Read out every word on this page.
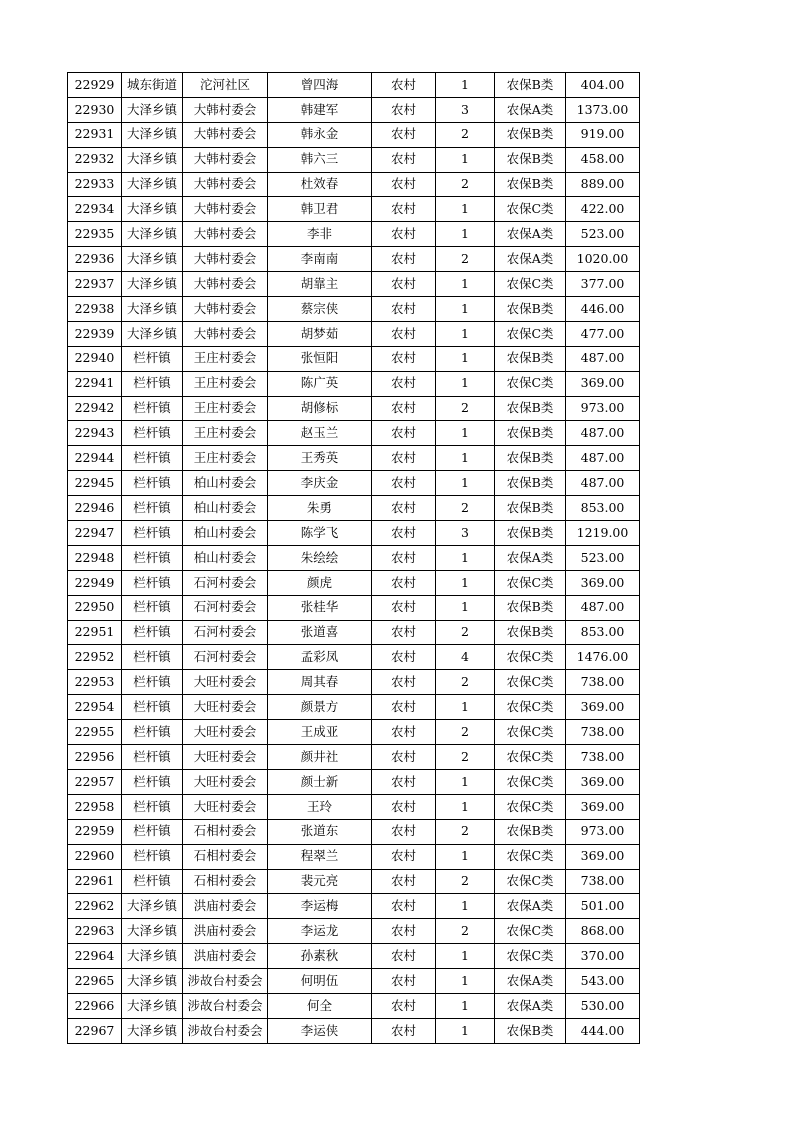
22929	城东街道	沱河社区	曾四海	农村	1	农保B类	404.00
22930	大泽乡镇	大韩村委会	韩建军	农村	3	农保A类	1373.00
22931	大泽乡镇	大韩村委会	韩永金	农村	2	农保B类	919.00
22932	大泽乡镇	大韩村委会	韩六三	农村	1	农保B类	458.00
22933	大泽乡镇	大韩村委会	杜效春	农村	2	农保B类	889.00
22934	大泽乡镇	大韩村委会	韩卫君	农村	1	农保C类	422.00
22935	大泽乡镇	大韩村委会	李非	农村	1	农保A类	523.00
22936	大泽乡镇	大韩村委会	李南南	农村	2	农保A类	1020.00
22937	大泽乡镇	大韩村委会	胡靠主	农村	1	农保C类	377.00
22938	大泽乡镇	大韩村委会	蔡宗侠	农村	1	农保B类	446.00
22939	大泽乡镇	大韩村委会	胡梦茹	农村	1	农保C类	477.00
22940	栏杆镇	王庄村委会	张恒阳	农村	1	农保B类	487.00
22941	栏杆镇	王庄村委会	陈广英	农村	1	农保C类	369.00
22942	栏杆镇	王庄村委会	胡修标	农村	2	农保B类	973.00
22943	栏杆镇	王庄村委会	赵玉兰	农村	1	农保B类	487.00
22944	栏杆镇	王庄村委会	王秀英	农村	1	农保B类	487.00
22945	栏杆镇	柏山村委会	李庆金	农村	1	农保B类	487.00
22946	栏杆镇	柏山村委会	朱勇	农村	2	农保B类	853.00
22947	栏杆镇	柏山村委会	陈学飞	农村	3	农保B类	1219.00
22948	栏杆镇	柏山村委会	朱绘绘	农村	1	农保A类	523.00
22949	栏杆镇	石河村委会	颜虎	农村	1	农保C类	369.00
22950	栏杆镇	石河村委会	张桂华	农村	1	农保B类	487.00
22951	栏杆镇	石河村委会	张道喜	农村	2	农保B类	853.00
22952	栏杆镇	石河村委会	孟彩凤	农村	4	农保C类	1476.00
22953	栏杆镇	大旺村委会	周其春	农村	2	农保C类	738.00
22954	栏杆镇	大旺村委会	颜景方	农村	1	农保C类	369.00
22955	栏杆镇	大旺村委会	王成亚	农村	2	农保C类	738.00
22956	栏杆镇	大旺村委会	颜井社	农村	2	农保C类	738.00
22957	栏杆镇	大旺村委会	颜士新	农村	1	农保C类	369.00
22958	栏杆镇	大旺村委会	王玲	农村	1	农保C类	369.00
22959	栏杆镇	石相村委会	张道东	农村	2	农保B类	973.00
22960	栏杆镇	石相村委会	程翠兰	农村	1	农保C类	369.00
22961	栏杆镇	石相村委会	裴元亮	农村	2	农保C类	738.00
22962	大泽乡镇	洪庙村委会	李运梅	农村	1	农保A类	501.00
22963	大泽乡镇	洪庙村委会	李运龙	农村	2	农保C类	868.00
22964	大泽乡镇	洪庙村委会	孙素秋	农村	1	农保C类	370.00
22965	大泽乡镇	涉故台村委会	何明伍	农村	1	农保A类	543.00
22966	大泽乡镇	涉故台村委会	何全	农村	1	农保A类	530.00
22967	大泽乡镇	涉故台村委会	李运侠	农村	1	农保B类	444.00
